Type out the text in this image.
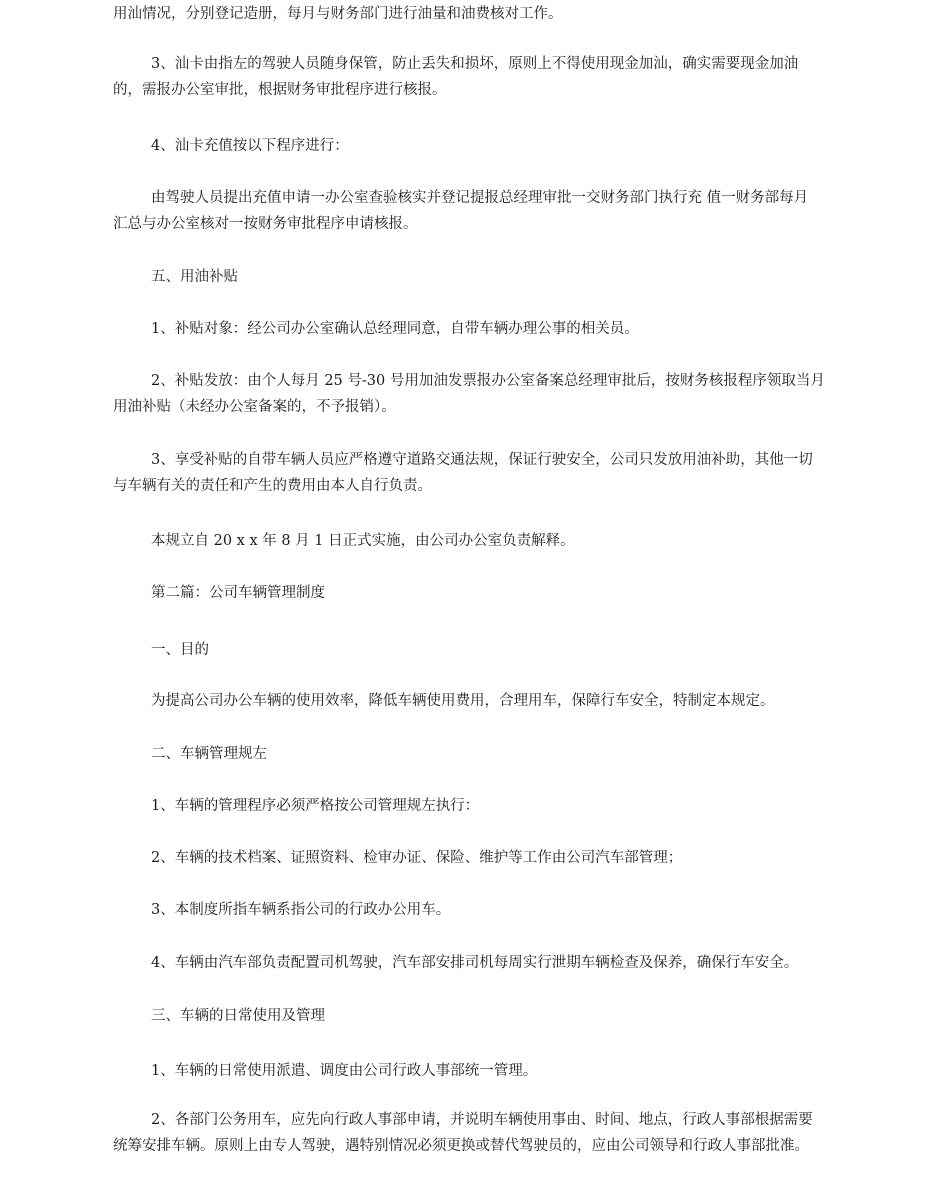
用汕情况，分别登记造册，每月与财务部门进行油量和油费核对工作。

3、汕卡由指左的驾驶人员随身保管，防止丢失和损坏，原则上不得使用现金加汕，确实需要现金加油
的，需报办公室审批，根据财务审批程序进行核报。

4、汕卡充值按以下程序进行：

由驾驶人员提出充值申请一办公室查验核实并登记提报总经理审批一交财务部门执行充 值一财务部每月
汇总与办公室核对一按财务审批程序申请核报。

五、用油补贴

1、补贴对象：经公司办公室确认总经理同意，自带车辆办理公事的相关员。

2、补贴发放：由个人每月 25 号-30 号用加油发票报办公室备案总经理审批后，按财务核报程序领取当月
用油补贴（未经办公室备案的，不予报销）。

3、享受补贴的自带车辆人员应严格遵守道路交通法规，保证行驶安全，公司只发放用油补助，其他一切
与车辆有关的责任和产生的费用由本人自行负责。

本规立自 20 x x 年 8 月 1 日正式实施，由公司办公室负责解释。

第二篇：公司车辆管理制度

一、目的

为提高公司办公车辆的使用效率，降低车辆使用费用，合理用车，保障行车安全，特制定本规定。

二、车辆管理规左

1、车辆的管理程序必须严格按公司管理规左执行：

2、车辆的技术档案、证照资料、检审办证、保险、维护等工作由公司汽车部管理；

3、本制度所指车辆系指公司的行政办公用车。

4、车辆由汽车部负责配置司机驾驶，汽车部安排司机每周实行泄期车辆检查及保养，确保行车安全。

三、车辆的日常使用及管理

1、车辆的日常使用派遣、调度由公司行政人事部统一管理。

2、各部门公务用车，应先向行政人事部申请，并说明车辆使用事由、时间、地点，行政人事部根据需要
统筹安排车辆。原则上由专人驾驶，遇特别情况必须更换或替代驾驶员的，应由公司领导和行政人事部批准。
